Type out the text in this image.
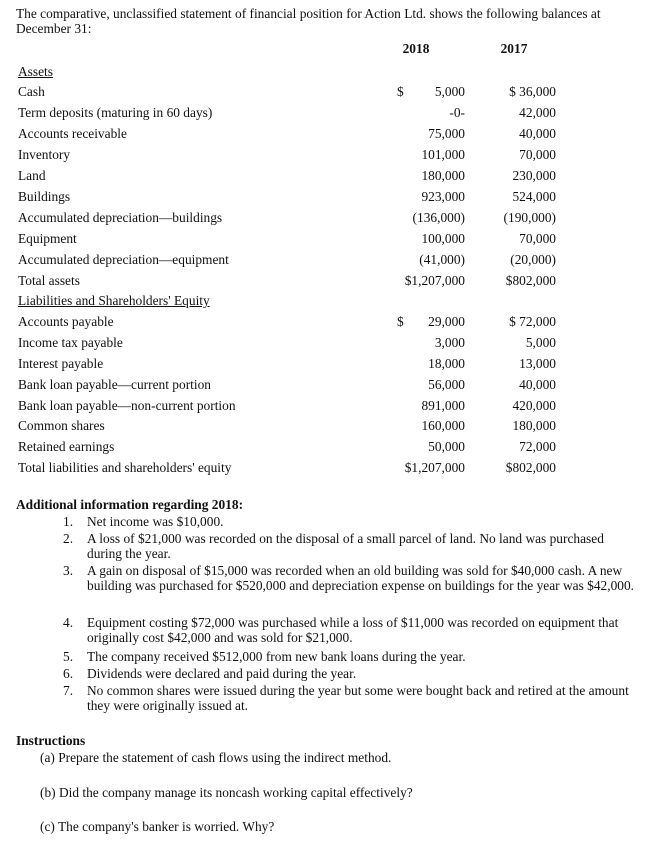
The comparative, unclassified statement of financial position for Action Ltd. shows the following balances at December 31:
2018	2017
Assets
Cash	$ 5,000	$ 36,000
Term deposits (maturing in 60 days)	-0-	42,000
Accounts receivable	75,000	40,000
Inventory	101,000	70,000
Land	180,000	230,000
Buildings	923,000	524,000
Accumulated depreciation—buildings	(136,000)	(190,000)
Equipment	100,000	70,000
Accumulated depreciation—equipment	(41,000)	(20,000)
Total assets	$1,207,000	$802,000
Liabilities and Shareholders' Equity
Accounts payable	$ 29,000	$ 72,000
Income tax payable	3,000	5,000
Interest payable	18,000	13,000
Bank loan payable—current portion	56,000	40,000
Bank loan payable—non-current portion	891,000	420,000
Common shares	160,000	180,000
Retained earnings	50,000	72,000
Total liabilities and shareholders' equity	$1,207,000	$802,000
Additional information regarding 2018:
1. Net income was $10,000.
2. A loss of $21,000 was recorded on the disposal of a small parcel of land. No land was purchased during the year.
3. A gain on disposal of $15,000 was recorded when an old building was sold for $40,000 cash. A new building was purchased for $520,000 and depreciation expense on buildings for the year was $42,000.
4. Equipment costing $72,000 was purchased while a loss of $11,000 was recorded on equipment that originally cost $42,000 and was sold for $21,000.
5. The company received $512,000 from new bank loans during the year.
6. Dividends were declared and paid during the year.
7. No common shares were issued during the year but some were bought back and retired at the amount they were originally issued at.
Instructions
(a) Prepare the statement of cash flows using the indirect method.
(b) Did the company manage its noncash working capital effectively?
(c) The company's banker is worried. Why?
